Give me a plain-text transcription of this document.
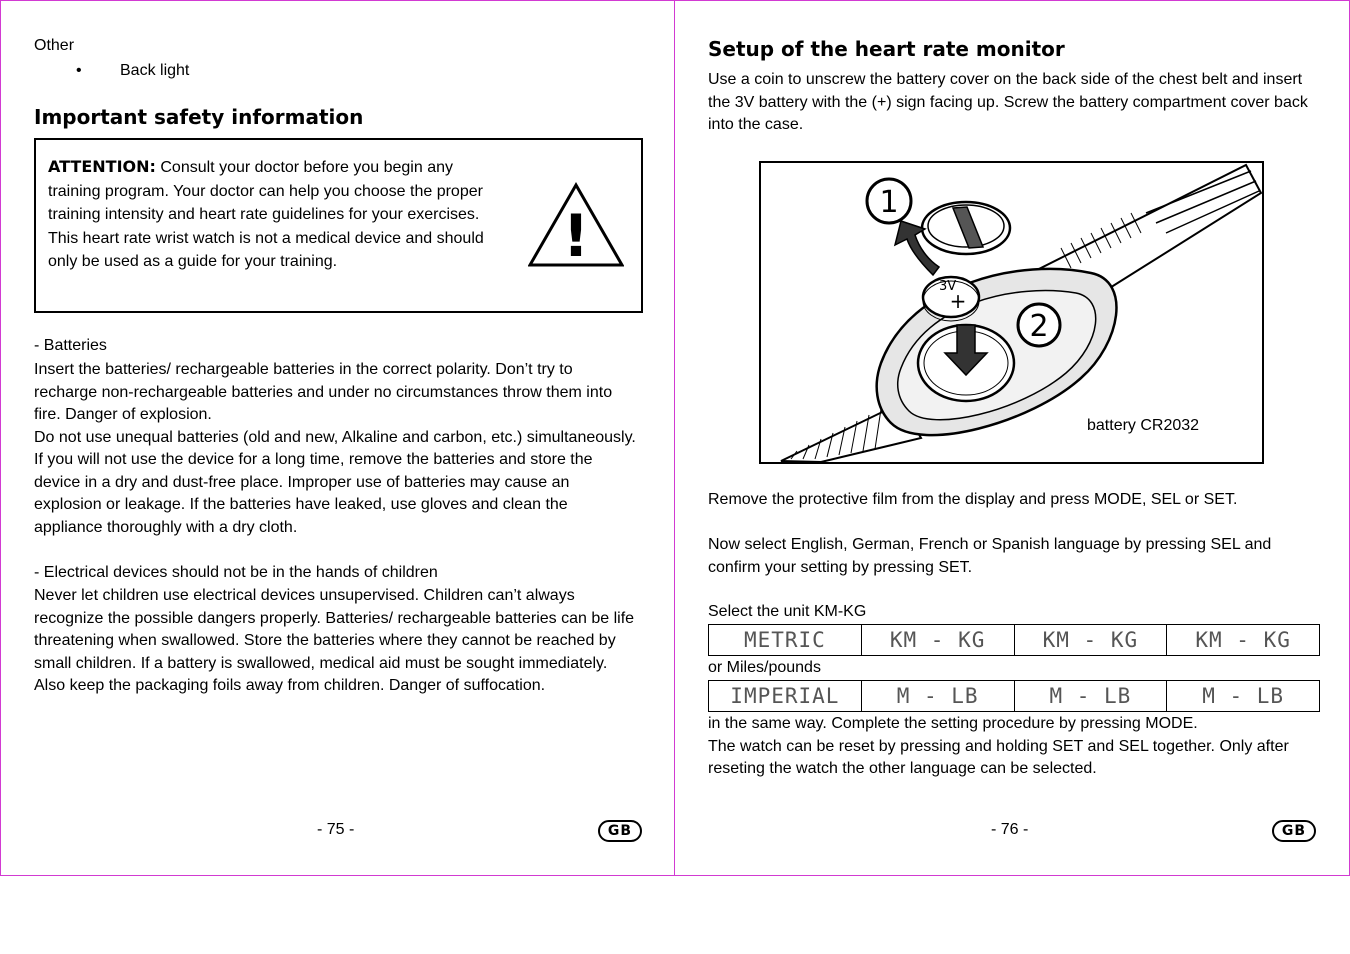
Other
• Back light
Important safety information
ATTENTION: Consult your doctor before you begin any training program. Your doctor can help you choose the proper training intensity and heart rate guidelines for your exercises.
This heart rate wrist watch is not a medical device and should only be used as a guide for your training.	!
- Batteries
Insert the batteries/ rechargeable batteries in the correct polarity. Don’t try to recharge non-rechargeable batteries and under no circumstances throw them into fire. Danger of explosion.
Do not use unequal batteries (old and new, Alkaline and carbon, etc.) simultaneously. If you will not use the device for a long time, remove the batteries and store the device in a dry and dust-free place. Improper use of batteries may cause an explosion or leakage. If the batteries have leaked, use gloves and clean the appliance thoroughly with a dry cloth.
- Electrical devices should not be in the hands of children
Never let children use electrical devices unsupervised. Children can’t always recognize the possible dangers properly. Batteries/ rechargeable batteries can be life threatening when swallowed. Store the batteries where they cannot be reached by small children. If a battery is swallowed, medical aid must be sought immediately.
Also keep the packaging foils away from children. Danger of suffocation.
- 75 -	GB
Setup of the heart rate monitor
Use a coin to unscrew the battery cover on the back side of the chest belt and insert the 3V battery with the (+) sign facing up. Screw the battery compartment cover back into the case.
3V
+
1
2
battery CR2032
Remove the protective film from the display and press MODE, SEL or SET.
Now select English, German, French or Spanish language by pressing SEL and confirm your setting by pressing SET.
Select the unit KM-KG
METRIC	KM - KG	KM - KG	KM - KG
or Miles/pounds
IMPERIAL	M - LB	M - LB	M - LB
in the same way. Complete the setting procedure by pressing MODE.
The watch can be reset by pressing and holding SET and SEL together. Only after reseting the watch the other language can be selected.
- 76 -	GB
